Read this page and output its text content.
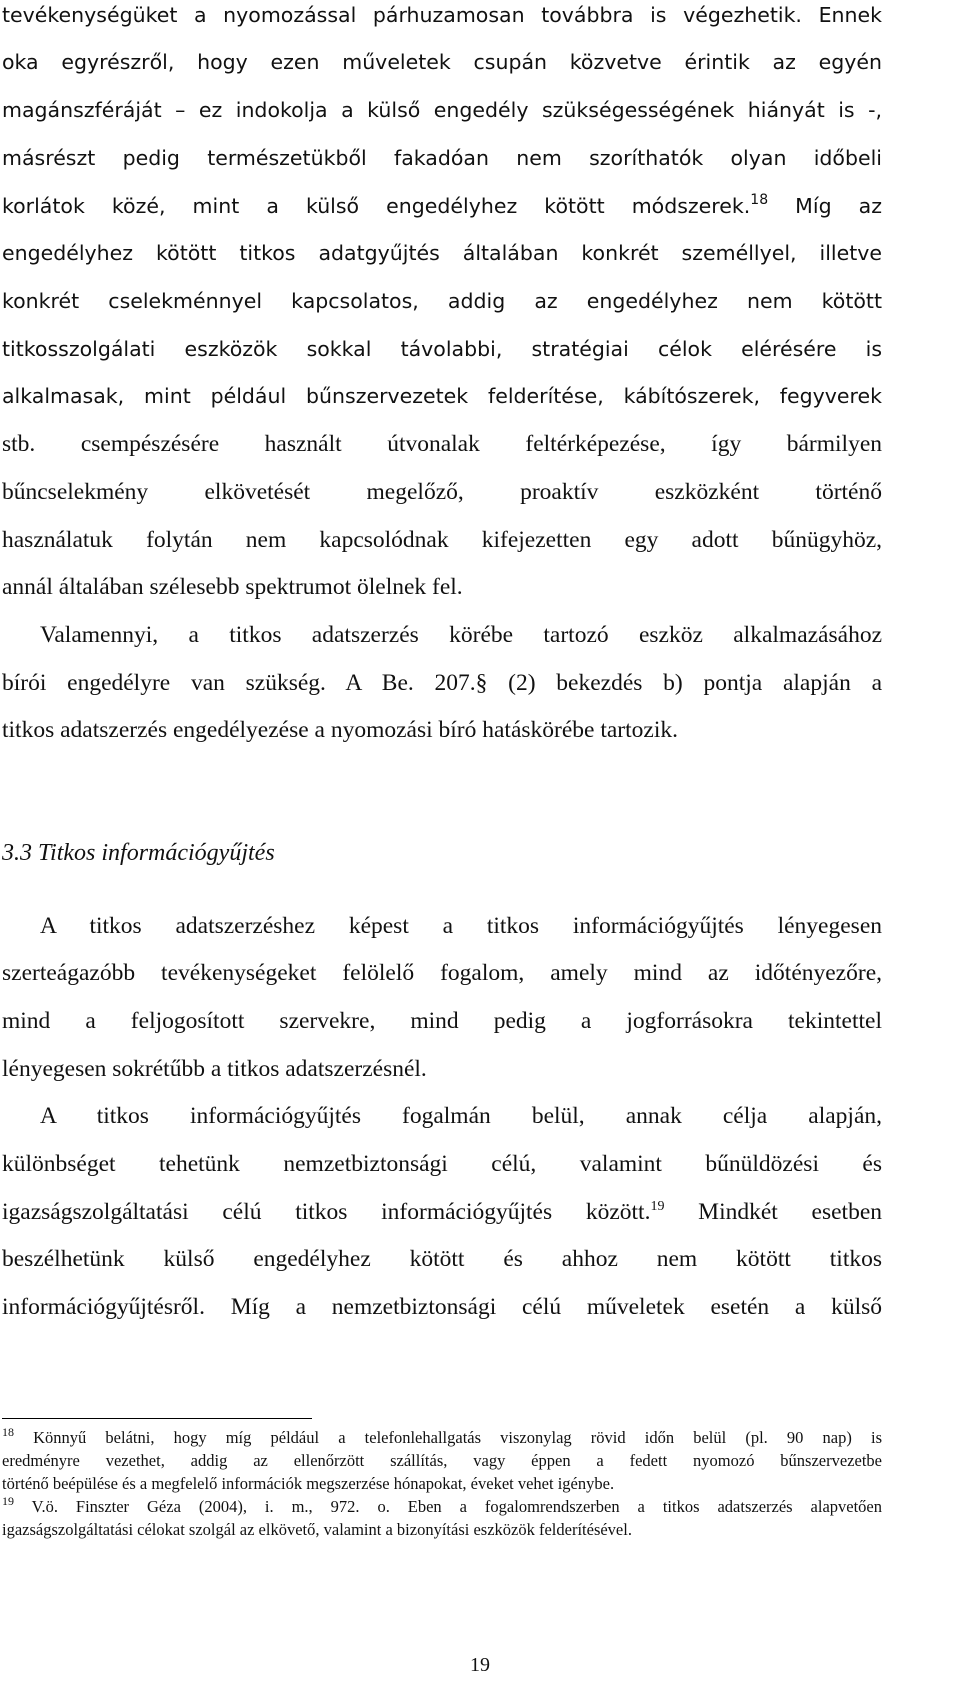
tevékenységüket a nyomozással párhuzamosan továbbra is végezhetik. Ennek
oka egyrészről, hogy ezen műveletek csupán közvetve érintik az egyén
magánszféráját – ez indokolja a külső engedély szükségességének hiányát is -,
másrészt pedig természetükből fakadóan nem szoríthatók olyan időbeli
korlátok közé, mint a külső engedélyhez kötött módszerek.$^{18}$ Míg az
engedélyhez kötött titkos adatgyűjtés általában konkrét személlyel, illetve
konkrét cselekménnyel kapcsolatos, addig az engedélyhez nem kötött
titkosszolgálati eszközök sokkal távolabbi, stratégiai célok elérésére is
alkalmasak, mint például bűnszervezetek felderítése, kábítószerek, fegyverek
stb. csempészésére használt útvonalak feltérképezése, így bármilyen
bűncselekmény elkövetését megelőző, proaktív eszközként történő
használatuk folytán nem kapcsolódnak kifejezetten egy adott bűnügyhöz,
annál általában szélesebb spektrumot ölelnek fel.
Valamennyi, a titkos adatszerzés körébe tartozó eszköz alkalmazásához
bírói engedélyre van szükség. A Be. 207.§ (2) bekezdés b) pontja alapján a
titkos adatszerzés engedélyezése a nyomozási bíró hatáskörébe tartozik.
3.3 Titkos információgyűjtés
A titkos adatszerzéshez képest a titkos információgyűjtés lényegesen
szerteágazóbb tevékenységeket felölelő fogalom, amely mind az időtényezőre,
mind a feljogosított szervekre, mind pedig a jogforrásokra tekintettel
lényegesen sokrétűbb a titkos adatszerzésnél.
A titkos információgyűjtés fogalmán belül, annak célja alapján,
különbséget tehetünk nemzetbiztonsági célú, valamint bűnüldözési és
igazságszolgáltatási célú titkos információgyűjtés között.$^{19}$ Mindkét esetben
beszélhetünk külső engedélyhez kötött és ahhoz nem kötött titkos
információgyűjtésről. Míg a nemzetbiztonsági célú műveletek esetén a külső
$^{18}$ Könnyű belátni, hogy míg például a telefonlehallgatás viszonylag rövid időn belül (pl. 90 nap) is
eredményre vezethet, addig az ellenőrzött szállítás, vagy éppen a fedett nyomozó bűnszervezetbe
történő beépülése és a megfelelő információk megszerzése hónapokat, éveket vehet igénybe.
$^{19}$ V.ö. Finszter Géza (2004), i. m., 972. o. Eben a fogalomrendszerben a titkos adatszerzés alapvetően
igazságszolgáltatási célokat szolgál az elkövető, valamint a bizonyítási eszközök felderítésével.
19
